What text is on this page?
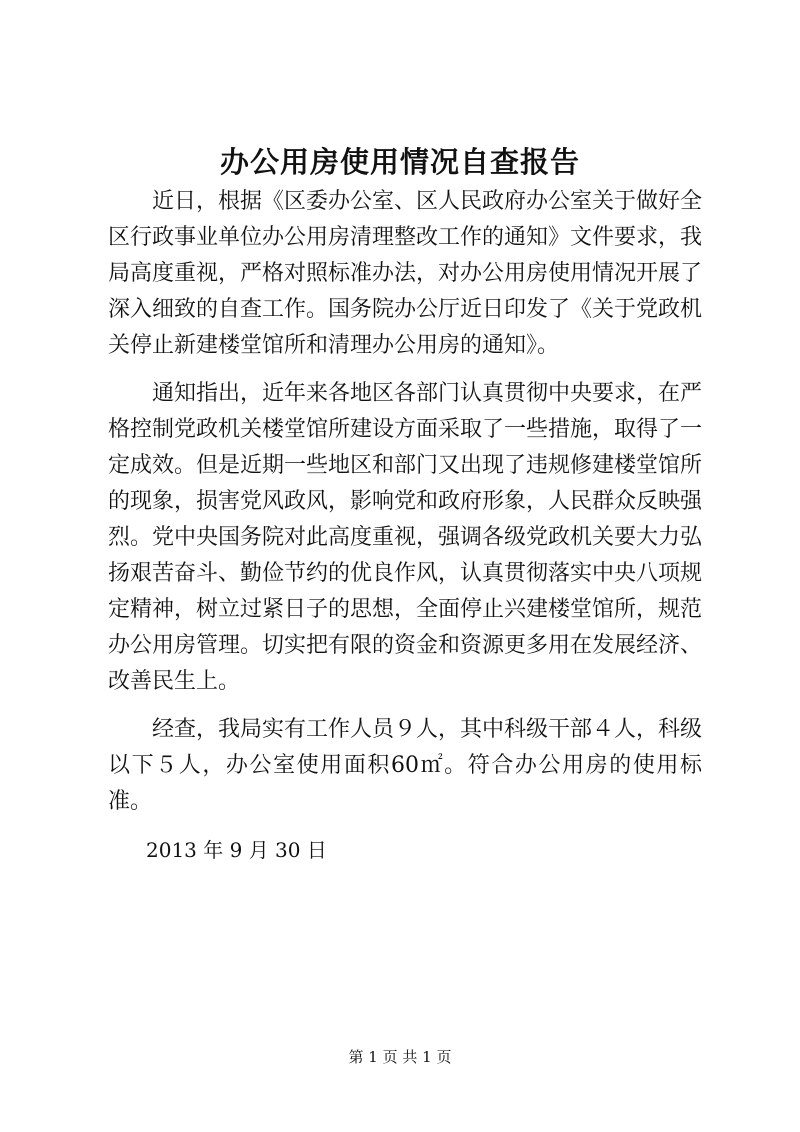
办公用房使用情况自查报告

近日，根据《区委办公室、区人民政府办公室关于做好全区行政事业单位办公用房清理整改工作的通知》文件要求，我局高度重视，严格对照标准办法，对办公用房使用情况开展了深入细致的自查工作。国务院办公厅近日印发了《关于党政机关停止新建楼堂馆所和清理办公用房的通知》。

通知指出，近年来各地区各部门认真贯彻中央要求，在严格控制党政机关楼堂馆所建设方面采取了一些措施，取得了一定成效。但是近期一些地区和部门又出现了违规修建楼堂馆所的现象，损害党风政风，影响党和政府形象，人民群众反映强烈。党中央国务院对此高度重视，强调各级党政机关要大力弘扬艰苦奋斗、勤俭节约的优良作风，认真贯彻落实中央八项规定精神，树立过紧日子的思想，全面停止兴建楼堂馆所，规范办公用房管理。切实把有限的资金和资源更多用在发展经济、改善民生上。

经查，我局实有工作人员９人，其中科级干部４人，科级以下５人，办公室使用面积60㎡。符合办公用房的使用标准。

2013 年 9 月 30 日
第 1 页 共 1 页
